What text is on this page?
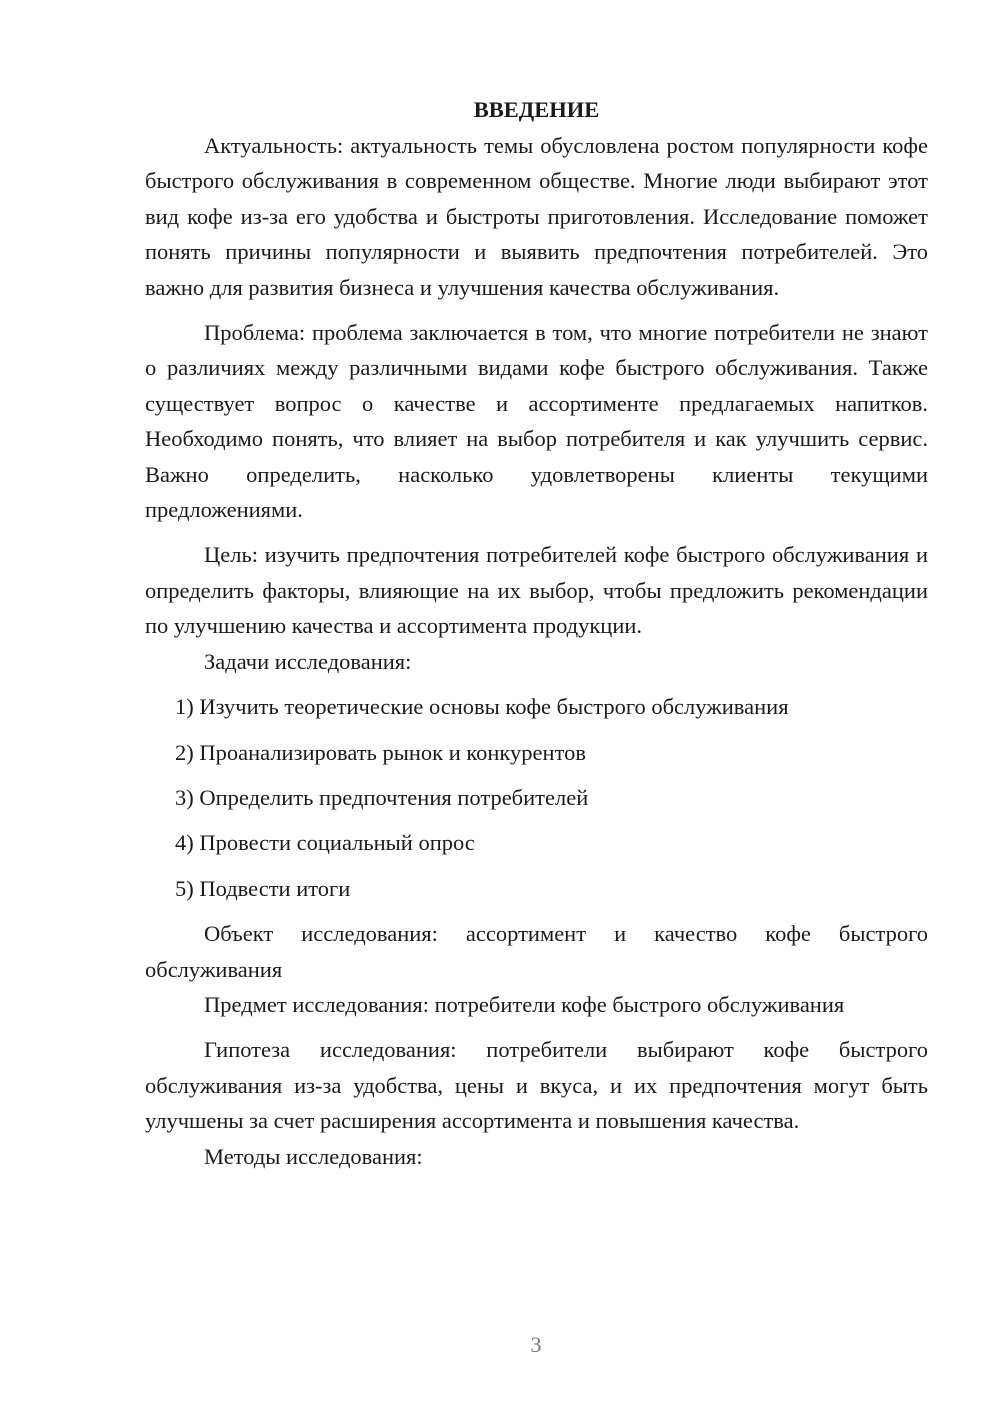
ВВЕДЕНИЕ

Актуальность: актуальность темы обусловлена ростом популярности кофе быстрого обслуживания в современном обществе. Многие люди выбирают этот вид кофе из-за его удобства и быстроты приготовления. Исследование поможет понять причины популярности и выявить предпочтения потребителей. Это важно для развития бизнеса и улучшения качества обслуживания.

Проблема: проблема заключается в том, что многие потребители не знают о различиях между различными видами кофе быстрого обслуживания. Также существует вопрос о качестве и ассортименте предлагаемых напитков. Необходимо понять, что влияет на выбор потребителя и как улучшить сервис. Важно определить, насколько удовлетворены клиенты текущими предложениями.

Цель: изучить предпочтения потребителей кофе быстрого обслуживания и определить факторы, влияющие на их выбор, чтобы предложить рекомендации по улучшению качества и ассортимента продукции.

Задачи исследования:

1) Изучить теоретические основы кофе быстрого обслуживания
2) Проанализировать рынок и конкурентов
3) Определить предпочтения потребителей
4) Провести социальный опрос
5) Подвести итоги

Объект исследования: ассортимент и качество кофе быстрого обслуживания

Предмет исследования: потребители кофе быстрого обслуживания

Гипотеза исследования: потребители выбирают кофе быстрого обслуживания из-за удобства, цены и вкуса, и их предпочтения могут быть улучшены за счет расширения ассортимента и повышения качества.

Методы исследования:

3
